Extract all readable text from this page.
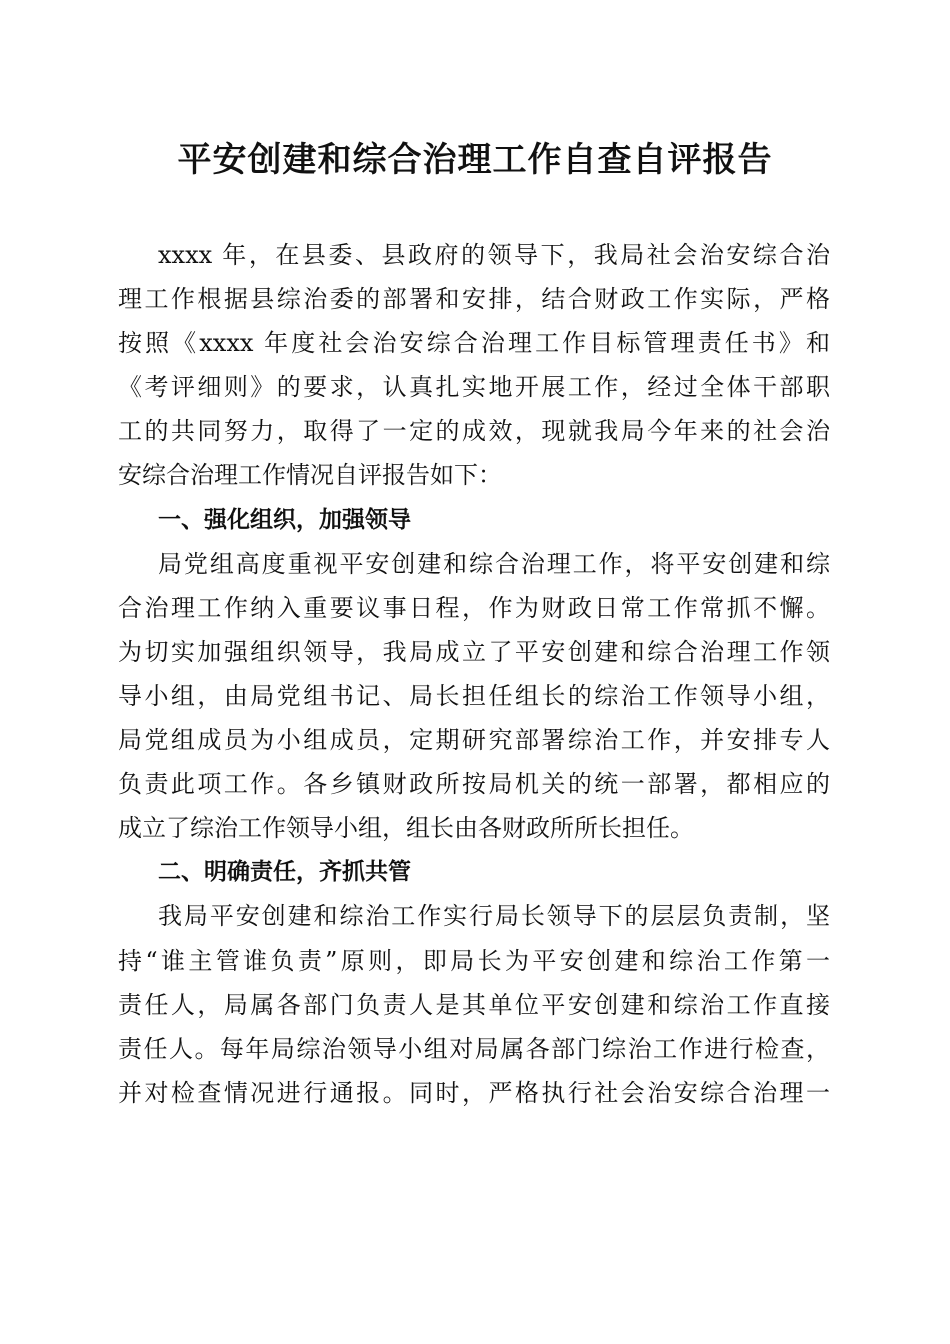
平安创建和综合治理工作自查自评报告
xxxx 年，在县委、县政府的领导下，我局社会治安综合治
理工作根据县综治委的部署和安排，结合财政工作实际，严格
按照《xxxx 年度社会治安综合治理工作目标管理责任书》和
《考评细则》的要求，认真扎实地开展工作，经过全体干部职
工的共同努力，取得了一定的成效，现就我局今年来的社会治
安综合治理工作情况自评报告如下：
一、强化组织，加强领导
局党组高度重视平安创建和综合治理工作，将平安创建和综
合治理工作纳入重要议事日程，作为财政日常工作常抓不懈。
为切实加强组织领导，我局成立了平安创建和综合治理工作领
导小组，由局党组书记、局长担任组长的综治工作领导小组，
局党组成员为小组成员，定期研究部署综治工作，并安排专人
负责此项工作。各乡镇财政所按局机关的统一部署，都相应的
成立了综治工作领导小组，组长由各财政所所长担任。
二、明确责任，齐抓共管
我局平安创建和综治工作实行局长领导下的层层负责制，坚
持“谁主管谁负责”原则，即局长为平安创建和综治工作第一
责任人，局属各部门负责人是其单位平安创建和综治工作直接
责任人。每年局综治领导小组对局属各部门综治工作进行检查，
并对检查情况进行通报。同时，严格执行社会治安综合治理一
